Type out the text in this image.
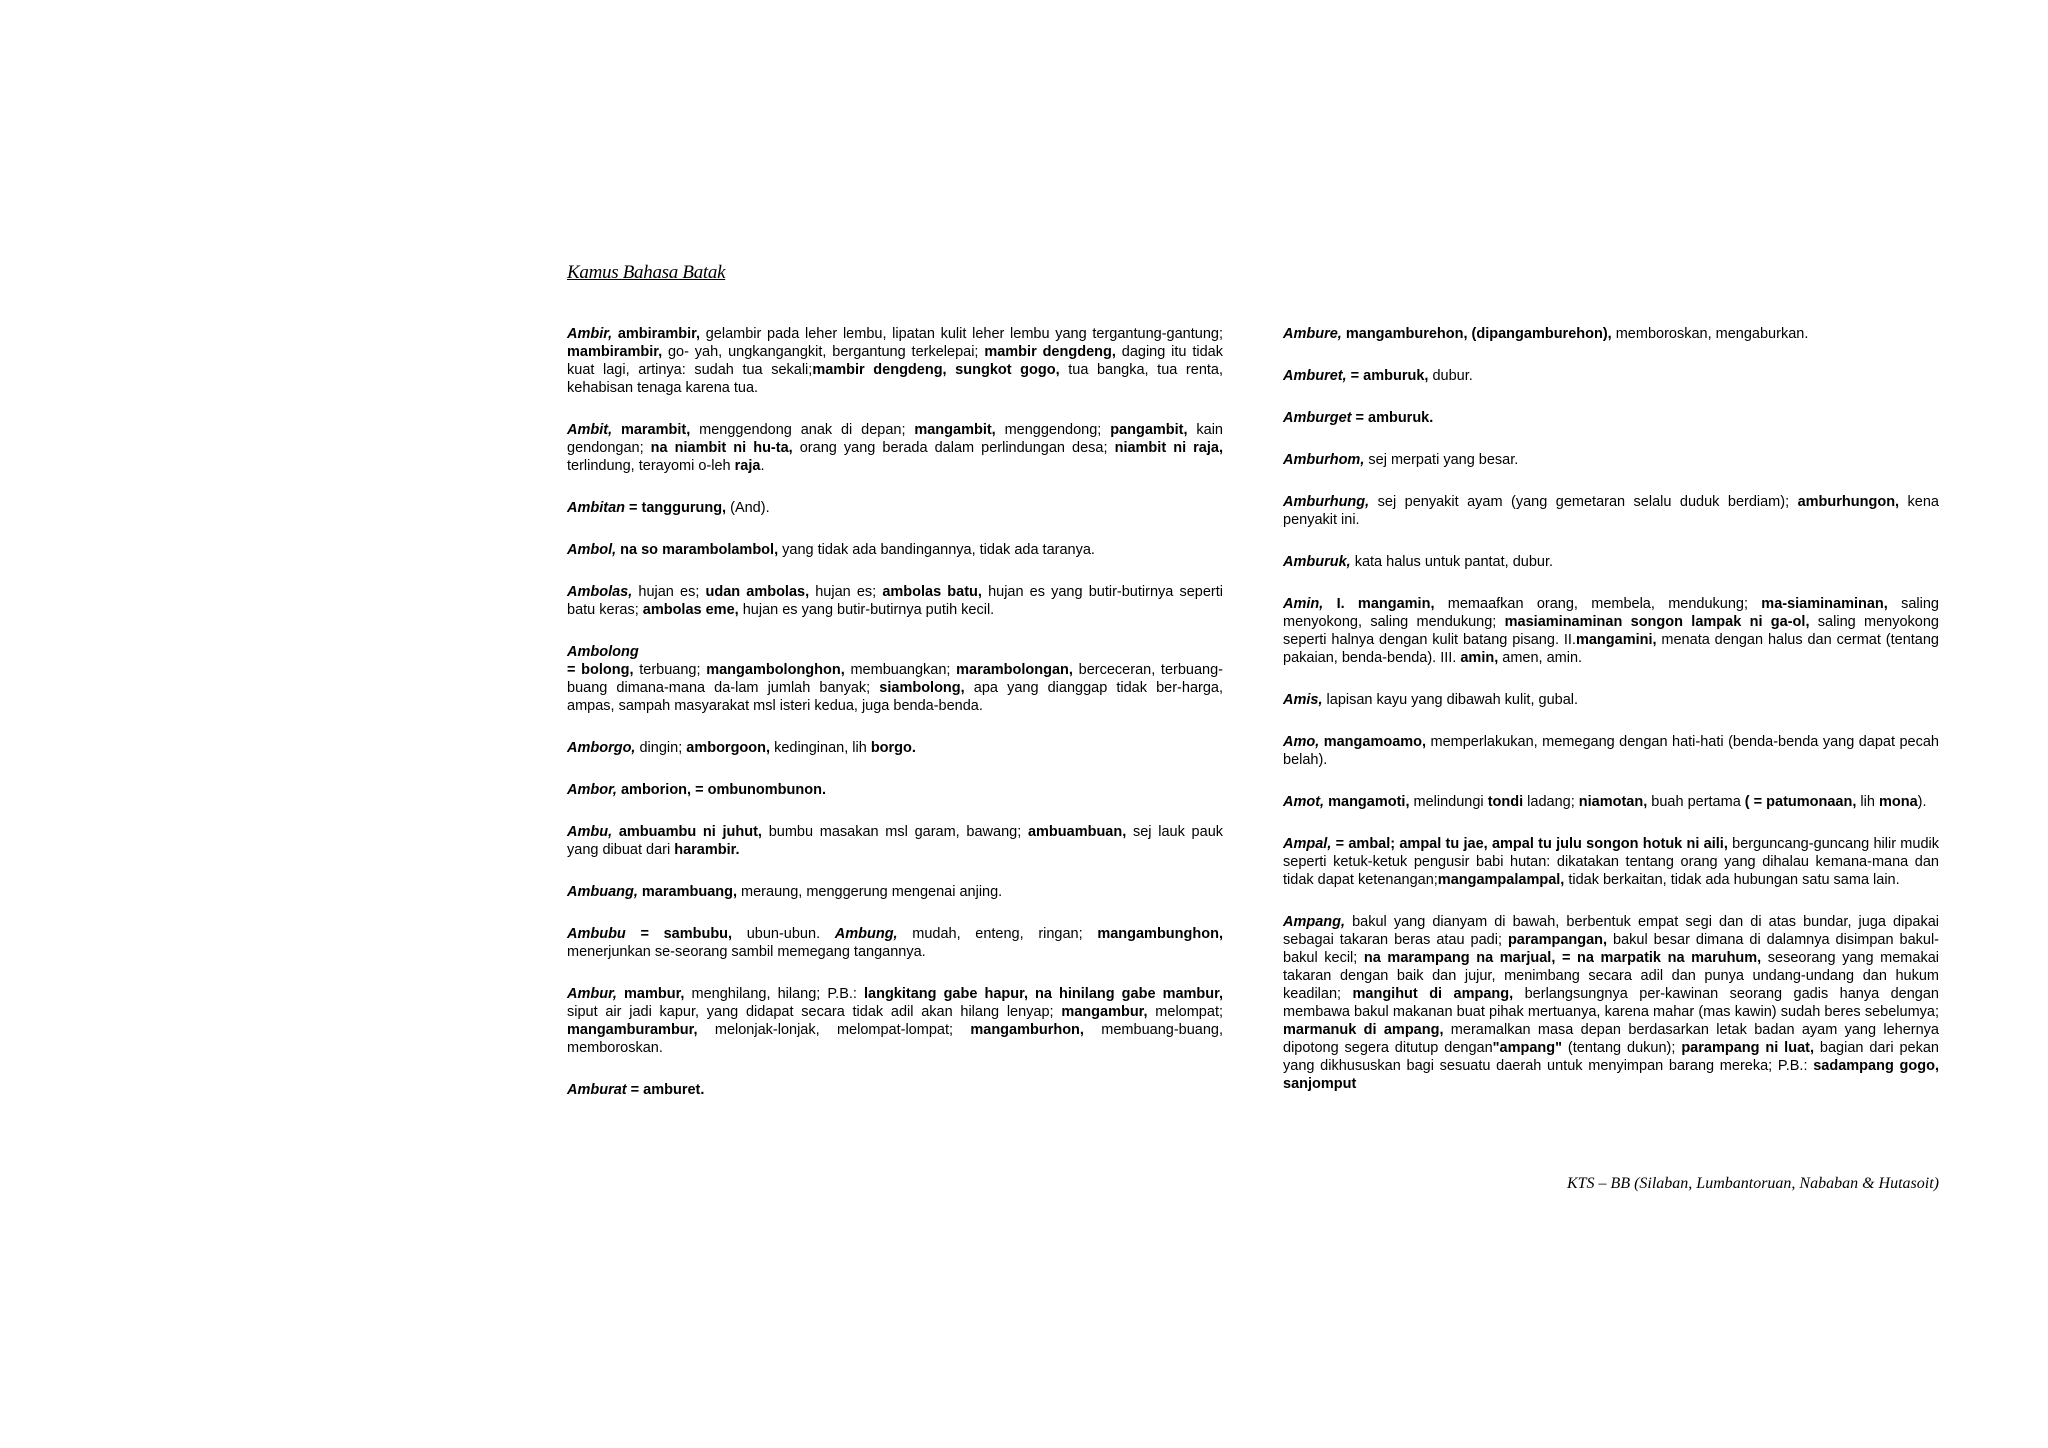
Kamus Bahasa Batak

Ambir, ambirambir, gelambir pada leher lembu, lipatan kulit leher lembu yang tergantung-gantung; mambirambir, go- yah, ungkangangkit, bergantung terkelepai; mambir dengdeng, daging itu tidak kuat lagi, artinya: sudah tua sekali;mambir dengdeng, sungkot gogo, tua bangka, tua renta, kehabisan tenaga karena tua.

Ambit, marambit, menggendong anak di depan; mangambit, menggendong; pangambit, kain gendongan; na niambit ni hu-ta, orang yang berada dalam perlindungan desa; niambit ni raja, terlindung, terayomi o-leh raja.

Ambitan = tanggurung, (And).

Ambol, na so marambolambol, yang tidak ada bandingannya, tidak ada taranya.

Ambolas, hujan es; udan ambolas, hujan es; ambolas batu, hujan es yang butir-butirnya seperti batu keras; ambolas eme, hujan es yang butir-butirnya putih kecil.

Ambolong
= bolong, terbuang; mangambolonghon, membuangkan; marambolongan, berceceran, terbuang-buang dimana-mana da-lam jumlah banyak; siambolong, apa yang dianggap tidak ber-harga, ampas, sampah masyarakat msl isteri kedua, juga benda-benda.

Amborgo, dingin; amborgoon, kedinginan, lih borgo.

Ambor, amborion, = ombunombunon.

Ambu, ambuambu ni juhut, bumbu masakan msl garam, bawang; ambuambuan, sej lauk pauk yang dibuat dari harambir.

Ambuang, marambuang, meraung, menggerung mengenai anjing.

Ambubu = sambubu, ubun-ubun. Ambung, mudah, enteng, ringan; mangambunghon, menerjunkan se-seorang sambil memegang tangannya.

Ambur, mambur, menghilang, hilang; P.B.: langkitang gabe hapur, na hinilang gabe mambur, siput air jadi kapur, yang didapat secara tidak adil akan hilang lenyap; mangambur, melompat; mangamburambur, melonjak-lonjak, melompat-lompat; mangamburhon, membuang-buang, memboroskan.

Amburat = amburet.

Ambure, mangamburehon, (dipangamburehon), memboroskan, mengaburkan.

Amburet, = amburuk, dubur.

Amburget = amburuk.

Amburhom, sej merpati yang besar.

Amburhung, sej penyakit ayam (yang gemetaran selalu duduk berdiam); amburhungon, kena penyakit ini.

Amburuk, kata halus untuk pantat, dubur.

Amin, I. mangamin, memaafkan orang, membela, mendukung; ma-siaminaminan, saling menyokong, saling mendukung; masiaminaminan songon lampak ni ga-ol, saling menyokong seperti halnya dengan kulit batang pisang. II.mangamini, menata dengan halus dan cermat (tentang pakaian, benda-benda). III. amin, amen, amin.

Amis, lapisan kayu yang dibawah kulit, gubal.

Amo, mangamoamo, memperlakukan, memegang dengan hati-hati (benda-benda yang dapat pecah belah).

Amot, mangamoti, melindungi tondi ladang; niamotan, buah pertama ( = patumonaan, lih mona).

Ampal, = ambal; ampal tu jae, ampal tu julu songon hotuk ni aili, berguncang-guncang hilir mudik seperti ketuk-ketuk pengusir babi hutan: dikatakan tentang orang yang dihalau kemana-mana dan tidak dapat ketenangan;mangampalampal, tidak berkaitan, tidak ada hubungan satu sama lain.

Ampang, bakul yang dianyam di bawah, berbentuk empat segi dan di atas bundar, juga dipakai sebagai takaran beras atau padi; parampangan, bakul besar dimana di dalamnya disimpan bakul-bakul kecil; na marampang na marjual, = na marpatik na maruhum, seseorang yang memakai takaran dengan baik dan jujur, menimbang secara adil dan punya undang-undang dan hukum keadilan; mangihut di ampang, berlangsungnya per-kawinan seorang gadis hanya dengan membawa bakul makanan buat pihak mertuanya, karena mahar (mas kawin) sudah beres sebelumya; marmanuk di ampang, meramalkan masa depan berdasarkan letak badan ayam yang lehernya dipotong segera ditutup dengan"ampang" (tentang dukun); parampang ni luat, bagian dari pekan yang dikhususkan bagi sesuatu daerah untuk menyimpan barang mereka; P.B.: sadampang gogo, sanjomput

KTS – BB (Silaban, Lumbantoruan, Nababan & Hutasoit)
